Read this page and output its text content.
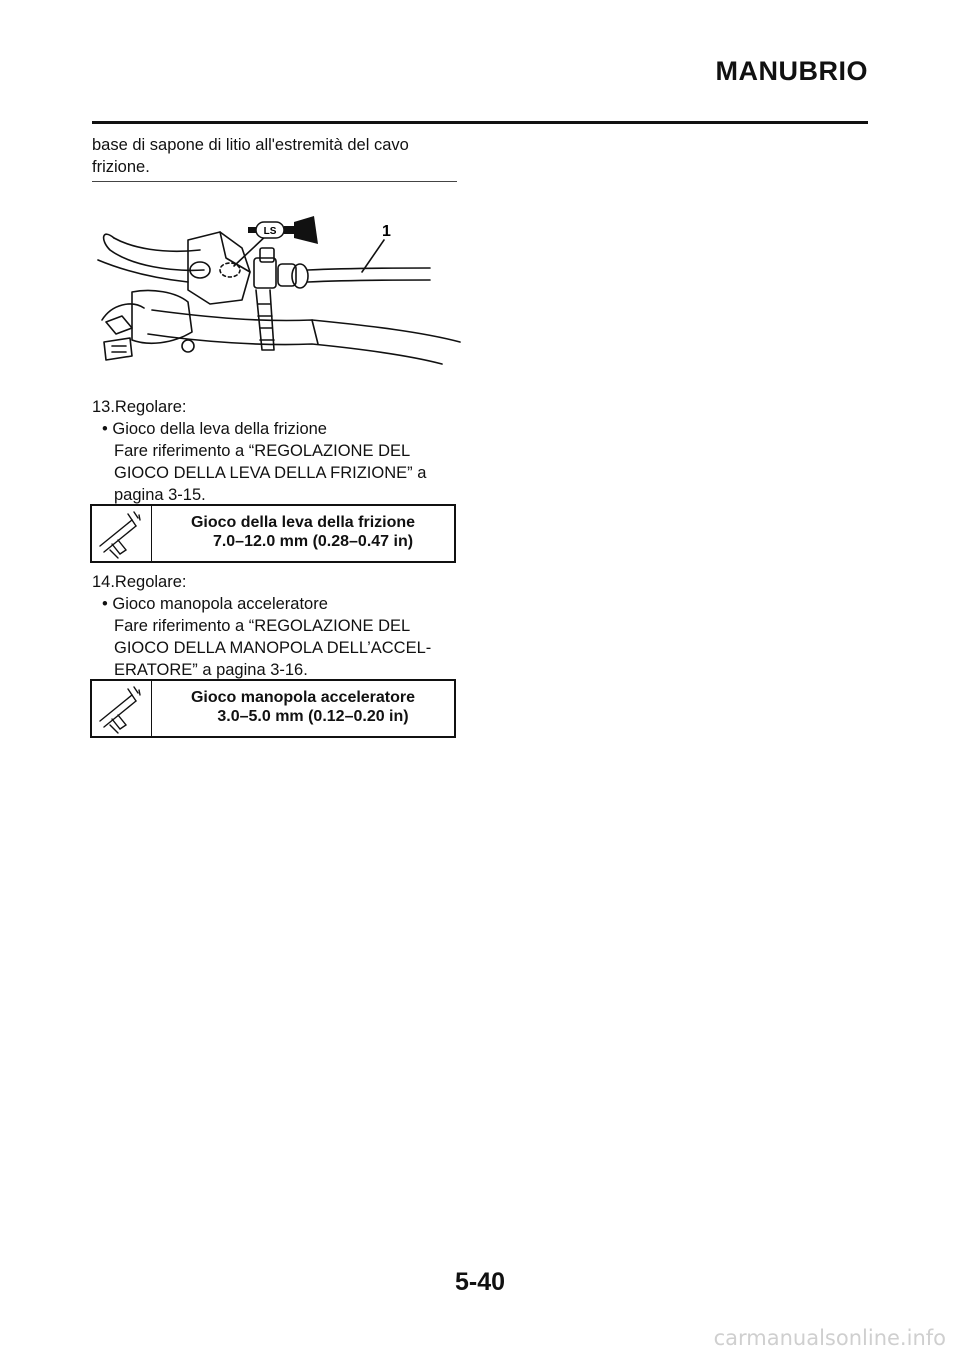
MANUBRIO
base di sapone di litio all'estremità del cavo frizione.
LS	1
13.Regolare:
• Gioco della leva della frizione
Fare riferimento a “REGOLAZIONE DEL
GIOCO DELLA LEVA DELLA FRIZIONE” a
pagina 3-15.
Gioco della leva della frizione
7.0–12.0 mm (0.28–0.47 in)
14.Regolare:
• Gioco manopola acceleratore
Fare riferimento a “REGOLAZIONE DEL
GIOCO DELLA MANOPOLA DELL’ACCEL-
ERATORE” a pagina 3-16.
Gioco manopola acceleratore
3.0–5.0 mm (0.12–0.20 in)
5-40
carmanualsonline.info
